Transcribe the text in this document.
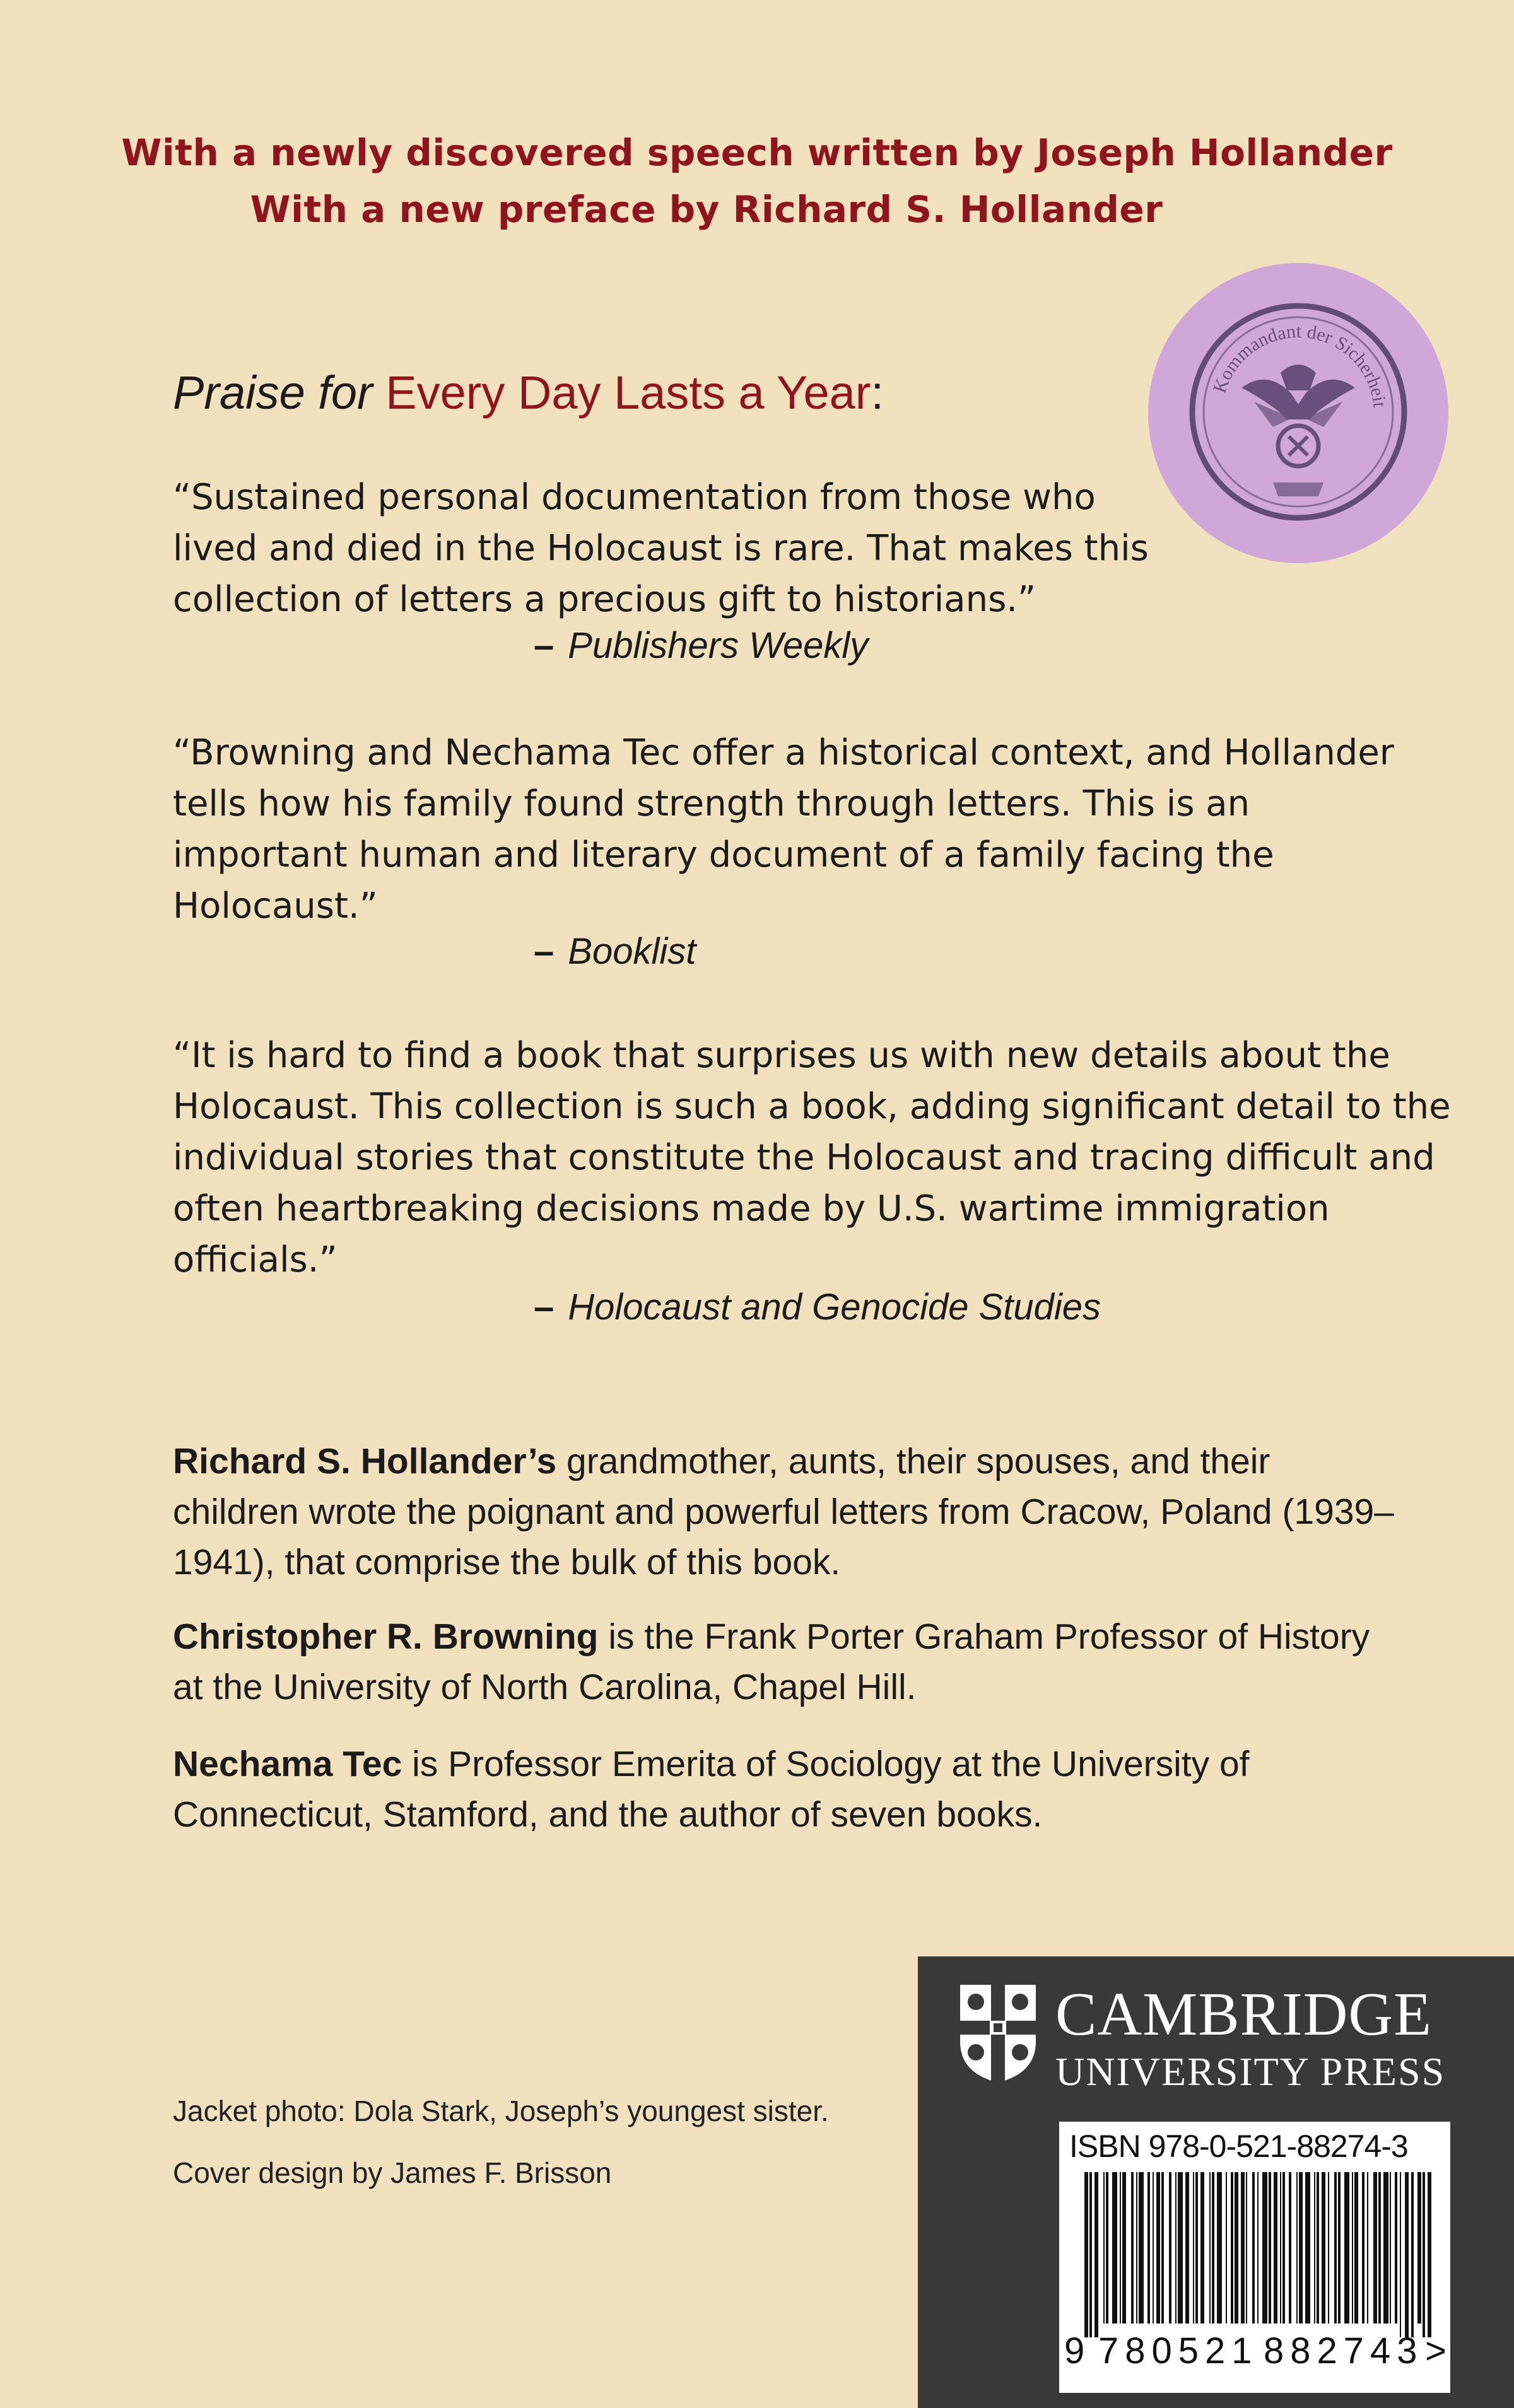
With a newly discovered speech written by Joseph Hollander
With a new preface by Richard S. Hollander
Kommandant der Sicherheit
Praise for Every Day Lasts a Year:

“Sustained personal documentation from those who lived and died in the Holocaust is rare. That makes this collection of letters a precious gift to historians.”

– Publishers Weekly

“Browning and Nechama Tec offer a historical context, and Hollander tells how his family found strength through letters. This is an important human and literary document of a family facing the Holocaust.”

– Booklist

“It is hard to find a book that surprises us with new details about the Holocaust. This collection is such a book, adding significant detail to the individual stories that constitute the Holocaust and tracing difficult and often heartbreaking decisions made by U.S. wartime immigration officials.”

– Holocaust and Genocide Studies

Richard S. Hollander’s grandmother, aunts, their spouses, and their children wrote the poignant and powerful letters from Cracow, Poland (1939–1941), that comprise the bulk of this book.

Christopher R. Browning is the Frank Porter Graham Professor of History at the University of North Carolina, Chapel Hill.

Nechama Tec is Professor Emerita of Sociology at the University of Connecticut, Stamford, and the author of seven books.

Jacket photo: Dola Stark, Joseph’s youngest sister.
Cover design by James F. Brisson
CAMBRIDGE
UNIVERSITY PRESS
ISBN 978-0-521-88274-3
9 780521 882743 >
